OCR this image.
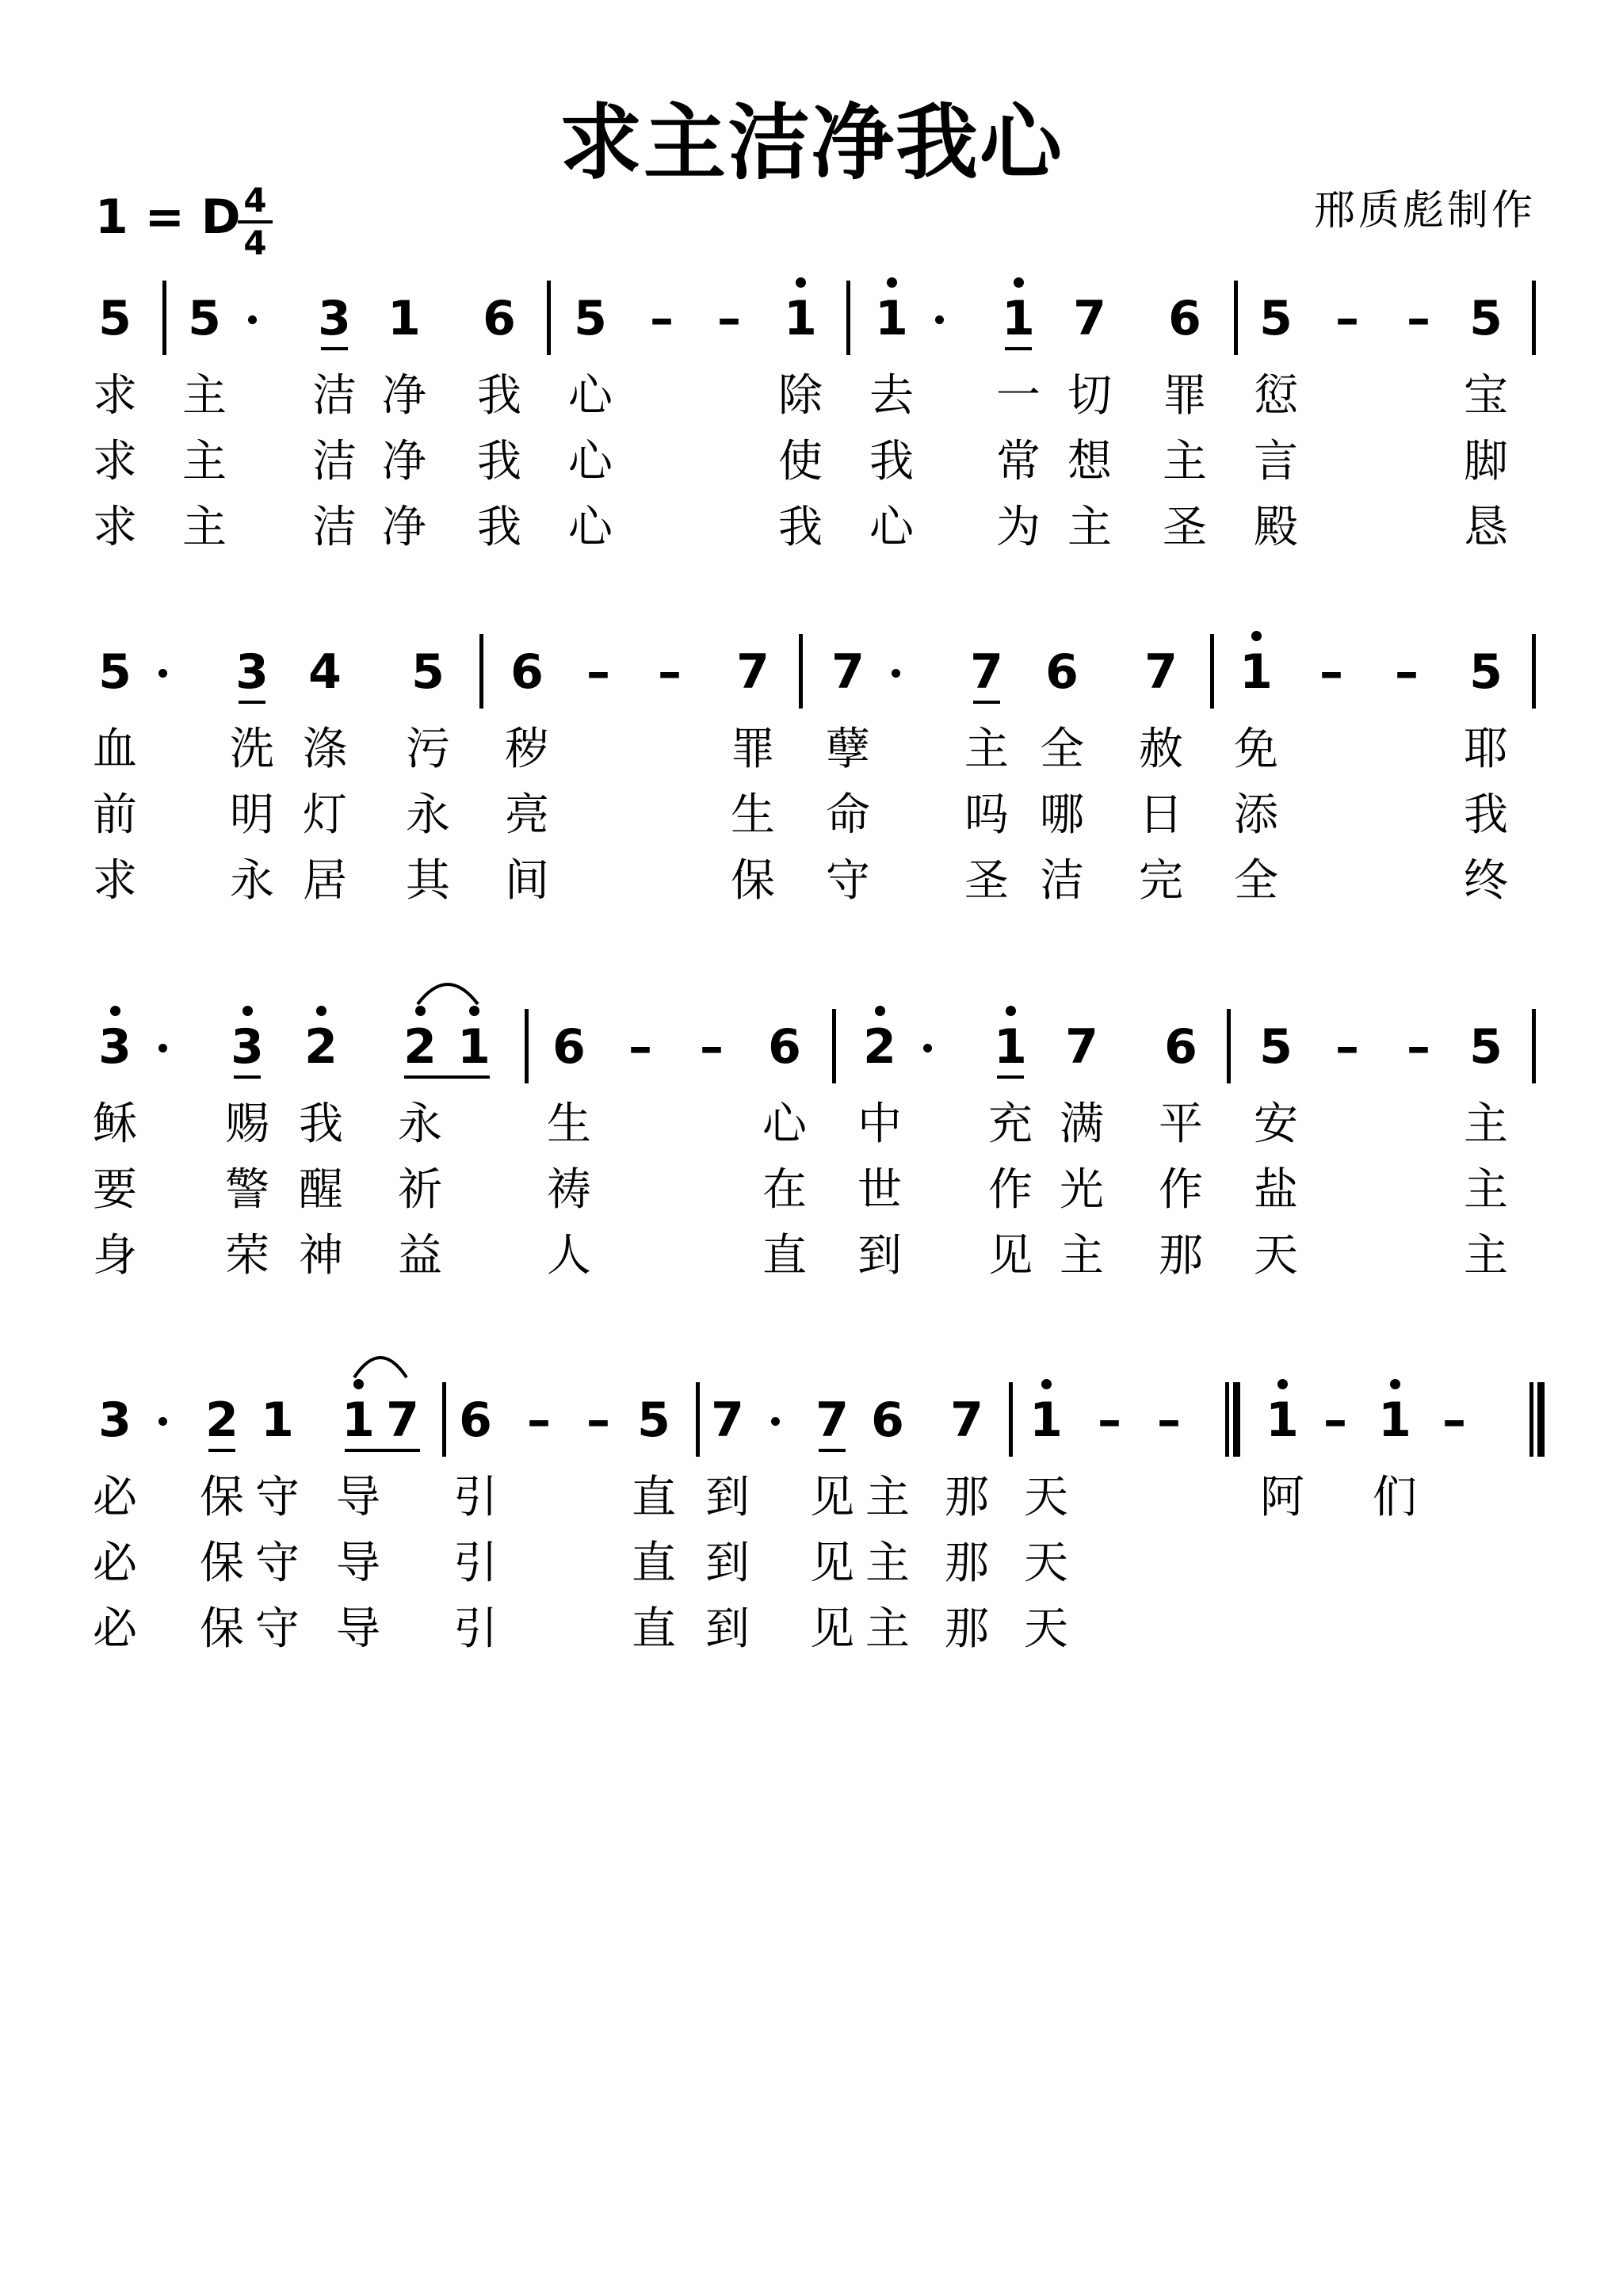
求主洁净我心
1 = D 4
4
邢质彪制作
5 5 3 1 6 5 – – 1 1 1 7 6 5 – – 5
求 主 洁 净 我 心	除 去 一 切 罪 愆	宝
求 主 洁 净 我 心	使 我 常 想 主 言	脚
求 主 洁 净 我 心	我 心 为 主 圣 殿	恳
5 3 4 5 6 – – 7 7 7 6 7 1 – – 5
血 洗 涤 污 秽	罪 孽 主 全 赦 免	耶
前 明 灯 永 亮	生 命 吗 哪 日 添	我
求 永 居 其 间	保 守 圣 洁 完 全	终
3 3 2 2 1 6 – – 6 2 1 7 6 5 – – 5
稣 赐 我 永 生	心 中 充 满 平 安	主
要 警 醒 祈 祷	在 世 作 光 作 盐	主
身 荣 神 益 人	直 到 见 主 那 天	主
3 2 1 1 7 6 – – 5 7 7 6 7 1 – – 1 – 1 –
必 保 守 导 引	直 到 见 主 那 天	阿 们
必 保 守 导 引	直 到 见 主 那 天
必 保 守 导 引	直 到 见 主 那 天
